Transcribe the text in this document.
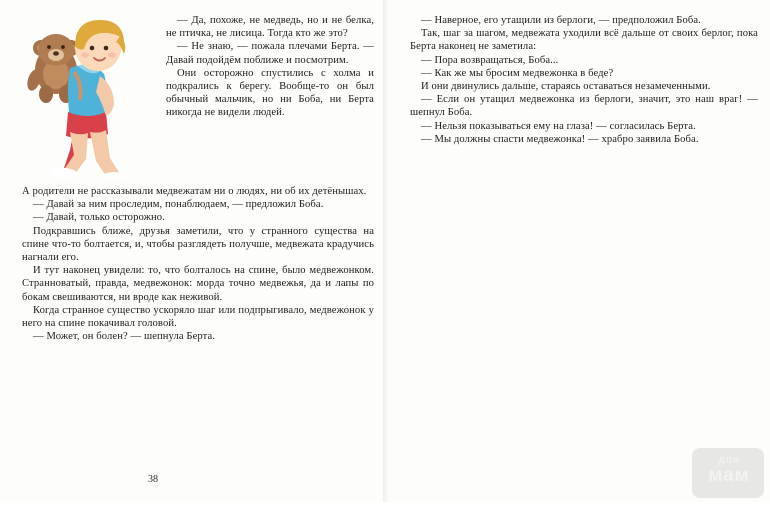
— Да, похоже, не медведь, но и не белка, не птичка, не лисица. Тогда кто же это?

— Не знаю, — пожала плечами Берта. — Давай подойдём поближе и посмотрим.

Они осторожно спустились с холма и подкрались к берегу. Вообще-то он был обычный мальчик, но ни Боба, ни Берта никогда не видели людей.

А родители не рассказывали медвежатам ни о людях, ни об их детёнышах.

— Давай за ним проследим, понаблюдаем, — предложил Боба.

— Давай, только осторожно.

Подкравшись ближе, друзья заметили, что у странного существа на спине что-то болтается, и, чтобы разглядеть получше, медвежата крадучись нагнали его.

И тут наконец увидели: то, что болталось на спине, было медвежонком. Странноватый, правда, медвежонок: морда точно медвежья, да и лапы по бокам свешиваются, ни вроде как неживой.

Когда странное существо ускоряло шаг или подпрыгивало, медвежонок у него на спине покачивал головой.

— Может, он болен? — шепнула Берта.

38

— Наверное, его утащили из берлоги, — предположил Боба.

Так, шаг за шагом, медвежата уходили всё дальше от своих берлог, пока Берта наконец не заметила:

— Пора возвращаться, Боба...

— Как же мы бросим медвежонка в беде?

И они двинулись дальше, стараясь оставаться незамеченными.

— Если он утащил медвежонка из берлоги, значит, это наш враг! — шепнул Боба.

— Нельзя показываться ему на глаза! — согласилась Берта.

— Мы должны спасти медвежонка! — храбро заявила Боба.

для
мам
